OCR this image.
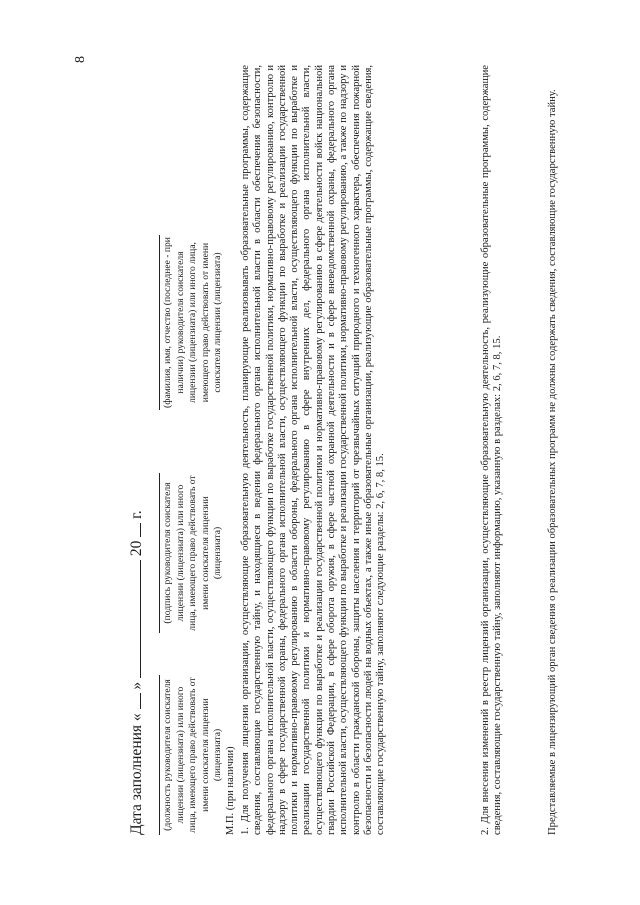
8
Дата заполнения «  »  20  г.
(должность руководителя соискателя лицензии (лицензиата) или иного лица, имеющего право действовать от имени соискателя лицензии (лицензиата)
(подпись руководителя соискателя лицензии (лицензиата) или иного лица, имеющего право действовать от имени соискателя лицензии (лицензиата)
(фамилия, имя, отчество (последнее - при наличии) руководителя соискателя лицензии (лицензиата) или иного лица, имеющего право действовать от имени соискателя лицензии (лицензиата)
М.П. (при наличии) 1. Для получения лицензии организации, осуществляющие образовательную деятельность, планирующие реализовывать образовательные программы, содержащие сведения, составляющие государственную тайну, и находящиеся в ведении федерального органа исполнительной власти в области обеспечения безопасности, федерального органа исполнительной власти, осуществляющего функции по выработке государственной политики, нормативно-правовому регулированию, контролю и надзору в сфере государственной охраны, федерального органа исполнительной власти, осуществляющего функции по выработке и реализации государственной политики и нормативно-правовому регулированию в области обороны, федерального органа исполнительной власти, осуществляющего функции по выработке и реализации государственной политики и нормативно-правовому регулированию в сфере внутренних дел, федерального органа исполнительной власти, осуществляющего функции по выработке и реализации государственной политики и нормативно-правовому регулированию в сфере деятельности войск национальной гвардии Российской Федерации, в сфере оборота оружия, в сфере частной охранной деятельности и в сфере вневедомственной охраны, федерального органа исполнительной власти, осуществляющего функции по выработке и реализации государственной политики, нормативно-правовому регулированию, а также по надзору и контролю в области гражданской обороны, защиты населения и территорий от чрезвычайных ситуаций природного и техногенного характера, обеспечения пожарной безопасности и безопасности людей на водных объектах, а также иные образовательные организации, реализующие образовательные программы, содержащие сведения, составляющие государственную тайну, заполняют следующие разделы: 2, 6, 7, 8, 15.	2. Для внесения изменений в реестр лицензий организации, осуществляющие образовательную деятельность, реализующие образовательные программы, содержащие сведения, составляющие государственную тайну, заполняют информацию, указанную в разделах: 2, 6, 7, 8, 15.	Представляемые в лицензирующий орган сведения о реализации образовательных программ не должны содержать сведения, составляющие государственную тайну.
